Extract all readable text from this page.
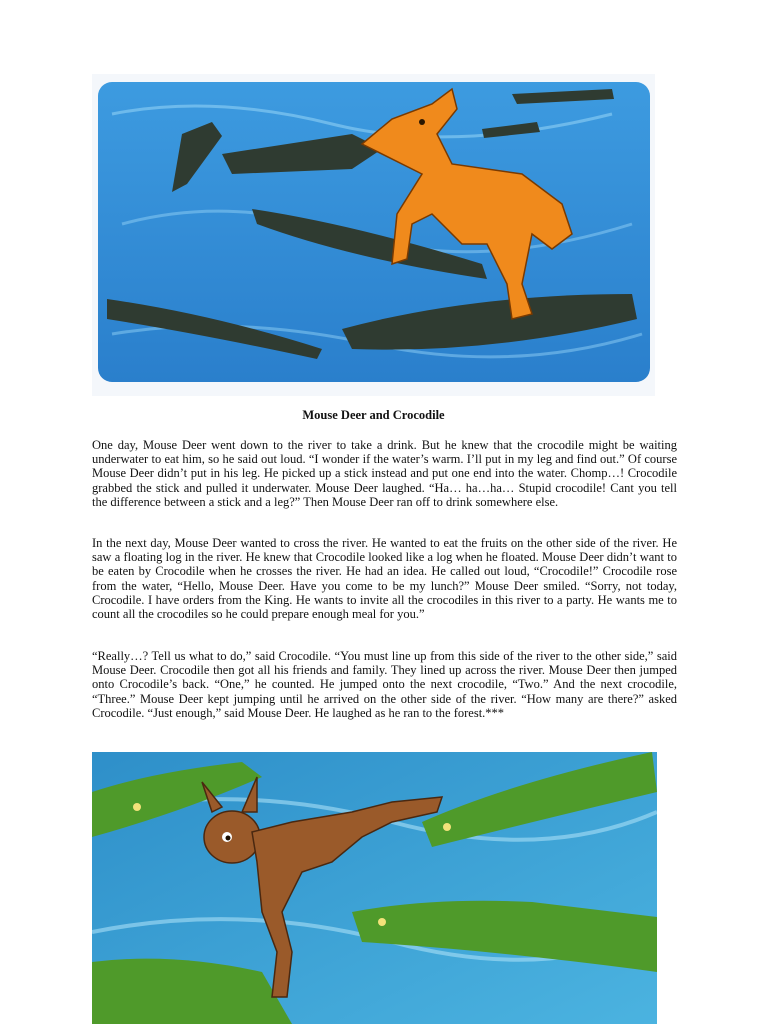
Mouse Deer and Crocodile

One day, Mouse Deer went down to the river to take a drink. But he knew that the crocodile might be waiting underwater to eat him, so he said out loud. “I wonder if the water’s warm. I’ll put in my leg and find out.” Of course Mouse Deer didn’t put in his leg. He picked up a stick instead and put one end into the water. Chomp…! Crocodile grabbed the stick and pulled it underwater. Mouse Deer laughed. “Ha… ha…ha… Stupid crocodile! Cant you tell the difference between a stick and a leg?” Then Mouse Deer ran off to drink somewhere else.

In the next day, Mouse Deer wanted to cross the river. He wanted to eat the fruits on the other side of the river. He saw a floating log in the river. He knew that Crocodile looked like a log when he floated. Mouse Deer didn’t want to be eaten by Crocodile when he crosses the river. He had an idea. He called out loud, “Crocodile!” Crocodile rose from the water, “Hello, Mouse Deer. Have you come to be my lunch?” Mouse Deer smiled. “Sorry, not today, Crocodile. I have orders from the King. He wants to invite all the crocodiles in this river to a party. He wants me to count all the crocodiles so he could prepare enough meal for you.”

“Really…? Tell us what to do,” said Crocodile. “You must line up from this side of the river to the other side,” said Mouse Deer. Crocodile then got all his friends and family. They lined up across the river. Mouse Deer then jumped onto Crocodile’s back. “One,” he counted. He jumped onto the next crocodile, “Two.” And the next crocodile, “Three.” Mouse Deer kept jumping until he arrived on the other side of the river. “How many are there?” asked Crocodile. “Just enough,” said Mouse Deer. He laughed as he ran to the forest.***
